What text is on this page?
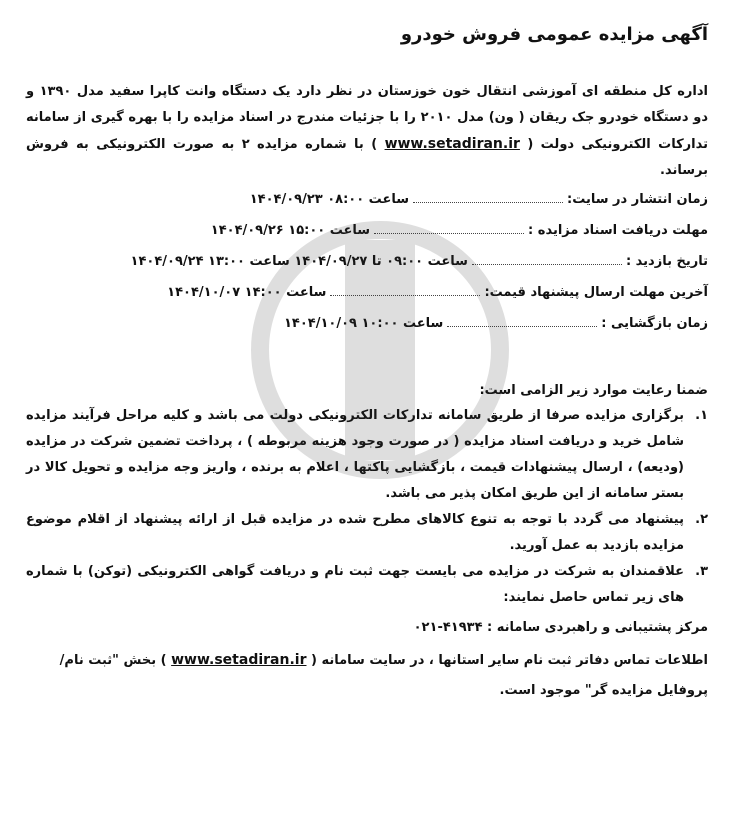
آگهی مزایده عمومی فروش خودرو
اداره کل منطقه ای آموزشی انتقال خون خوزستان در نظر دارد یک دستگاه وانت کاپرا سفید مدل ۱۳۹۰ و دو دستگاه خودرو جک ریقان ( ون) مدل ۲۰۱۰ را با جزئیات مندرج در اسناد مزایده را با بهره گیری از سامانه تدارکات الکترونیکی دولت ( www.setadiran.ir ) با شماره مزایده ۲ به صورت الکترونیکی به فروش برساند.
زمان انتشار در سایت:
۱۴۰۴/۰۹/۲۳ ساعت ۰۸:۰۰
مهلت دریافت اسناد مزایده :
۱۴۰۴/۰۹/۲۶ ساعت ۱۵:۰۰
تاریخ بازدید :
۱۴۰۴/۰۹/۲۴ ساعت ۰۹:۰۰ تا ۱۴۰۴/۰۹/۲۷ ساعت ۱۳:۰۰
آخرین مهلت ارسال پیشنهاد قیمت:
۱۴۰۴/۱۰/۰۷ ساعت ۱۴:۰۰
زمان بازگشایی :
۱۴۰۴/۱۰/۰۹ ساعت ۱۰:۰۰
ضمنا رعایت موارد زیر الزامی است:
۱.
برگزاری مزایده صرفا از طریق سامانه تدارکات الکترونیکی دولت می باشد و کلیه مراحل فرآیند مزایده شامل خرید و دریافت اسناد مزایده ( در صورت وجود هزینه مربوطه ) ، پرداخت تضمین شرکت در مزایده (ودیعه) ، ارسال پیشنهادات قیمت ، بازگشایی پاکتها ، اعلام به برنده ، واریز وجه مزایده و تحویل کالا در بستر سامانه از این طریق امکان پذیر می باشد.
۲.
پیشنهاد می گردد با توجه به تنوع کالاهای مطرح شده در مزایده قبل از ارائه پیشنهاد از اقلام موضوع مزایده بازدید به عمل آورید.
۳.
علاقمندان به شرکت در مزایده می بایست جهت ثبت نام و دریافت گواهی الکترونیکی (توکن) با شماره های زیر تماس حاصل نمایند:
مرکز پشتیبانی و راهبردی سامانه : ۴۱۹۳۴-۰۲۱
اطلاعات تماس دفاتر ثبت نام سایر استانها ، در سایت سامانه ( www.setadiran.ir ) بخش "ثبت نام/پروفایل مزایده گر" موجود است.
